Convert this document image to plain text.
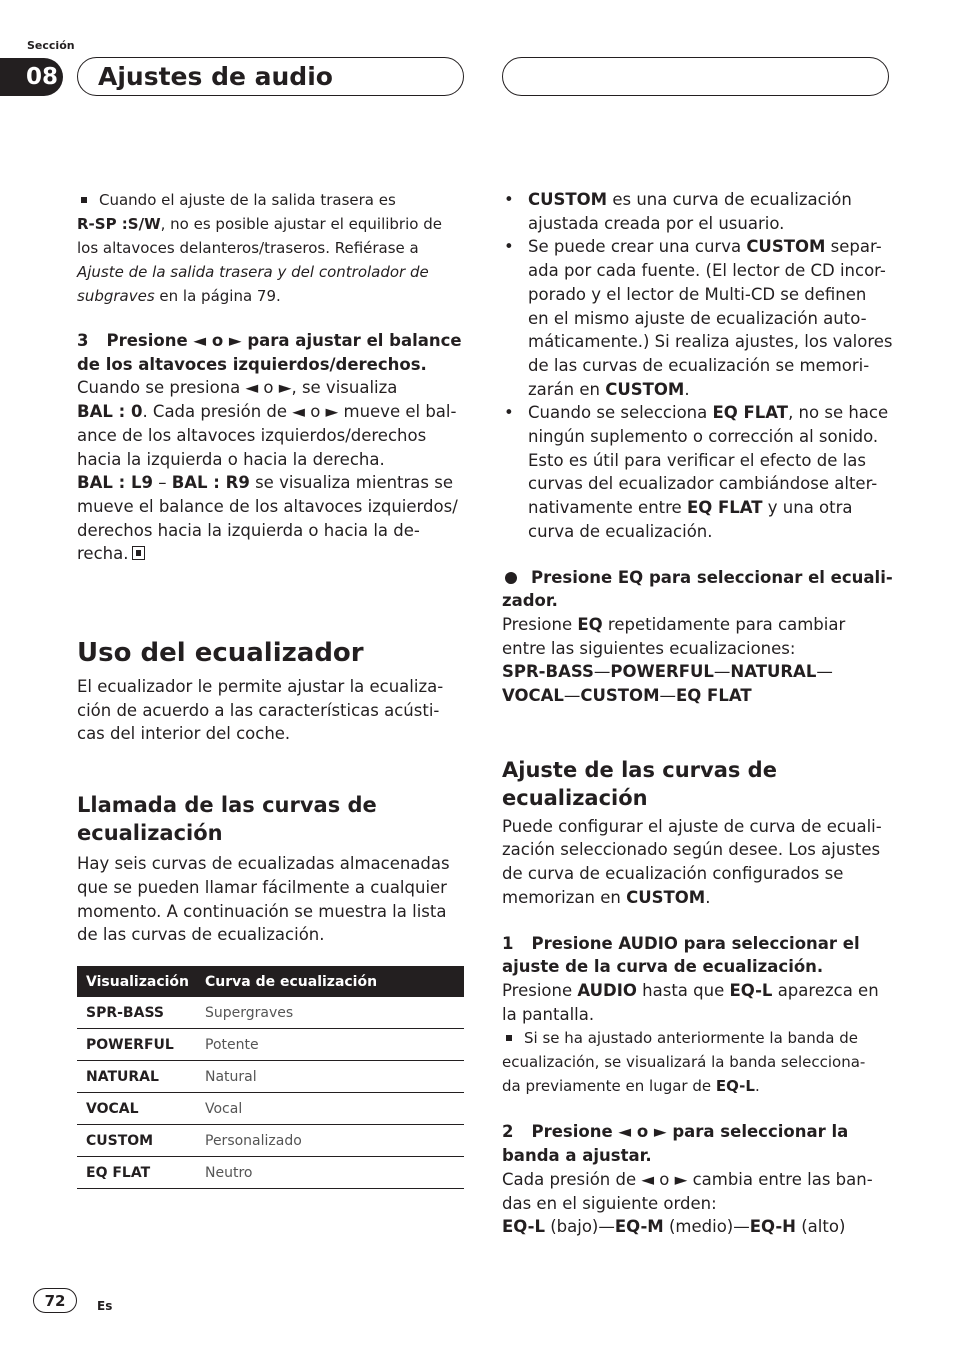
Sección
08	Ajustes de audio

Cuando el ajuste de la salida trasera es

R-SP :S/W, no es posible ajustar el equilibrio de

los altavoces delanteros/traseros. Refiérase a

Ajuste de la salida trasera y del controlador de

subgraves en la página 79.

3 Presione ◄ o ► para ajustar el balance

de los altavoces izquierdos/derechos.

Cuando se presiona ◄ o ►, se visualiza

BAL : 0. Cada presión de ◄ o ► mueve el bal-

ance de los altavoces izquierdos/derechos

hacia la izquierda o hacia la derecha.

BAL : L9 – BAL : R9 se visualiza mientras se

mueve el balance de los altavoces izquierdos/

derechos hacia la izquierda o hacia la de-

recha.

Uso del ecualizador

El ecualizador le permite ajustar la ecualiza-

ción de acuerdo a las características acústi-

cas del interior del coche.

Llamada de las curvas de

ecualización

Hay seis curvas de ecualizadas almacenadas

que se pueden llamar fácilmente a cualquier

momento. A continuación se muestra la lista

de las curvas de ecualización.

Visualización	Curva de ecualización
SPR-BASS	Supergraves
POWERFUL	Potente
NATURAL	Natural
VOCAL	Vocal
CUSTOM	Personalizado
EQ FLAT	Neutro

• CUSTOM es una curva de ecualización

ajustada creada por el usuario.

• Se puede crear una curva CUSTOM separ-

ada por cada fuente. (El lector de CD incor-

porado y el lector de Multi-CD se definen

en el mismo ajuste de ecualización auto-

máticamente.) Si realiza ajustes, los valores

de las curvas de ecualización se memori-

zarán en CUSTOM.

• Cuando se selecciona EQ FLAT, no se hace

ningún suplemento o corrección al sonido.

Esto es útil para verificar el efecto de las

curvas del ecualizador cambiándose alter-

nativamente entre EQ FLAT y una otra

curva de ecualización.

Presione EQ para seleccionar el ecuali-

zador.

Presione EQ repetidamente para cambiar

entre las siguientes ecualizaciones:

SPR-BASS—POWERFUL—NATURAL—

VOCAL—CUSTOM—EQ FLAT

Ajuste de las curvas de

ecualización

Puede configurar el ajuste de curva de ecuali-

zación seleccionado según desee. Los ajustes

de curva de ecualización configurados se

memorizan en CUSTOM.

1 Presione AUDIO para seleccionar el

ajuste de la curva de ecualización.

Presione AUDIO hasta que EQ-L aparezca en

la pantalla.

Si se ha ajustado anteriormente la banda de

ecualización, se visualizará la banda selecciona-

da previamente en lugar de EQ-L.

2 Presione ◄ o ► para seleccionar la

banda a ajustar.

Cada presión de ◄ o ► cambia entre las ban-

das en el siguiente orden:

EQ-L (bajo)—EQ-M (medio)—EQ-H (alto)

72	Es
